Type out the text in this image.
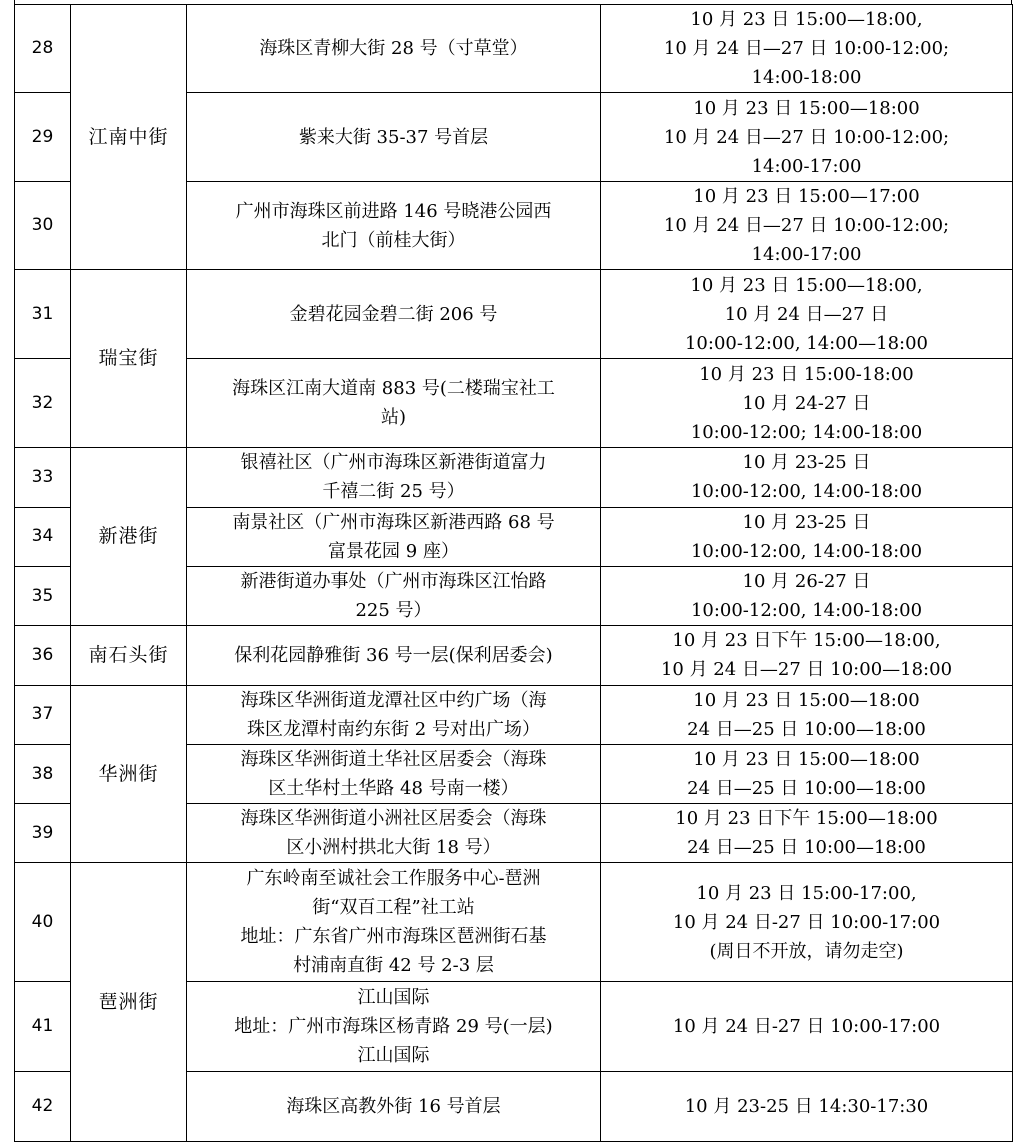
28	江南中街	海珠区青柳大街 28 号（寸草堂）	10 月 23 日 15:00—18:00,
10 月 24 日—27 日 10:00-12:00;
14:00-18:00

29		紫来大街 35-37 号首层	10 月 23 日 15:00—18:00
10 月 24 日—27 日 10:00-12:00;
14:00-17:00

30		广州市海珠区前进路 146 号晓港公园西
北门（前桂大街）	10 月 23 日 15:00—17:00
10 月 24 日—27 日 10:00-12:00;
14:00-17:00

31	瑞宝街	金碧花园金碧二街 206 号	10 月 23 日 15:00—18:00,
10 月 24 日—27 日
10:00-12:00, 14:00—18:00

32		海珠区江南大道南 883 号(二楼瑞宝社工
站)	10 月 23 日 15:00-18:00
10 月 24-27 日
10:00-12:00; 14:00-18:00

33	新港街	银禧社区（广州市海珠区新港街道富力
千禧二街 25 号）	10 月 23-25 日
10:00-12:00, 14:00-18:00

34		南景社区（广州市海珠区新港西路 68 号
富景花园 9 座）	10 月 23-25 日
10:00-12:00, 14:00-18:00

35		新港街道办事处（广州市海珠区江怡路
225 号）	10 月 26-27 日
10:00-12:00, 14:00-18:00

36	南石头街	保利花园静雅街 36 号一层(保利居委会)	10 月 23 日下午 15:00—18:00,
10 月 24 日—27 日 10:00—18:00

37	华洲街	海珠区华洲街道龙潭社区中约广场（海
珠区龙潭村南约东街 2 号对出广场）	10 月 23 日 15:00—18:00
24 日—25 日 10:00—18:00

38		海珠区华洲街道土华社区居委会（海珠
区土华村土华路 48 号南一楼）	10 月 23 日 15:00—18:00
24 日—25 日 10:00—18:00

39		海珠区华洲街道小洲社区居委会（海珠
区小洲村拱北大街 18 号）	10 月 23 日下午 15:00—18:00
24 日—25 日 10:00—18:00

40	琶洲街	广东岭南至诚社会工作服务中心-琶洲
街“双百工程”社工站
地址：广东省广州市海珠区琶洲街石基
村浦南直街 42 号 2-3 层	10 月 23 日 15:00-17:00,
10 月 24 日-27 日 10:00-17:00
(周日不开放，请勿走空)

41		江山国际
地址：广州市海珠区杨青路 29 号(一层)
江山国际	10 月 24 日-27 日 10:00-17:00

42		海珠区高教外街 16 号首层	10 月 23-25 日 14:30-17:30
